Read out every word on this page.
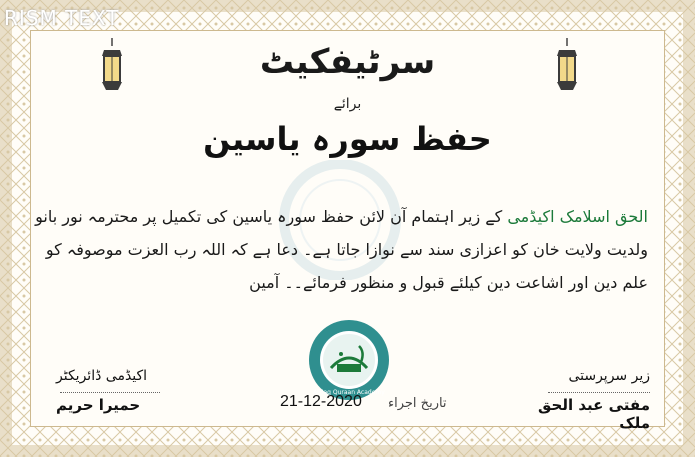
RISM TEXT
سرٹیفکیٹ
برائے
حفظ سورہ یاسین
الحق اسلامک اکیڈمی کے زیر اہتمام آن لائن حفظ سورہ یاسین کی تکمیل پر محترمہ نور بانو
ولدیت ولایت خان کو اعزازی سند سے نوازا جاتا ہے۔ دعا ہے کہ اللہ رب العزت موصوفہ کو
علم دین اور اشاعت دین کیلئے قبول و منظور فرمائے۔۔ آمین
AlHaq Quraan Academy
اکیڈمی ڈائریکٹر
حمیرا حریم
زیر سرپرستی
مفتی عبد الحق ملک
21-12-2020 تاریخ اجراء
